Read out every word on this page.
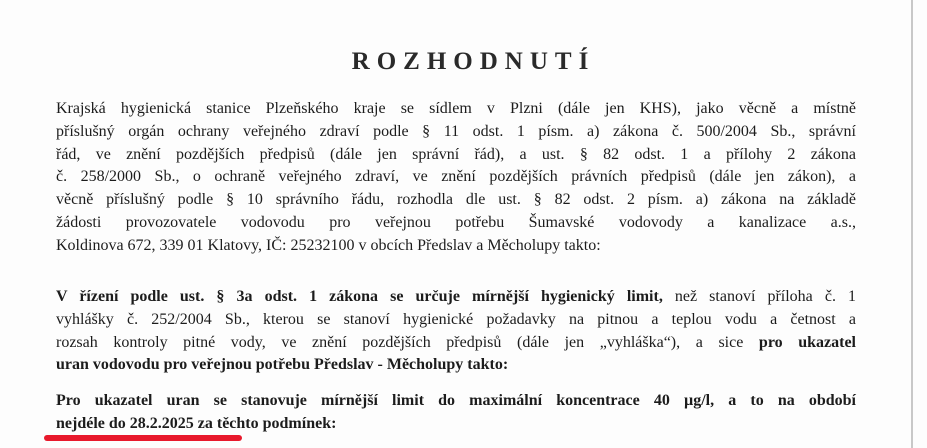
ROZHODNUTÍ
Krajská hygienická stanice Plzeňského kraje se sídlem v Plzni (dále jen KHS), jako věcně a místně
příslušný orgán ochrany veřejného zdraví podle § 11 odst. 1 písm. a) zákona č. 500/2004 Sb., správní
řád, ve znění pozdějších předpisů (dále jen správní řád), a ust. § 82 odst. 1 a přílohy 2 zákona
č. 258/2000 Sb., o ochraně veřejného zdraví, ve znění pozdějších právních předpisů (dále jen zákon), a
věcně příslušný podle § 10 správního řádu, rozhodla dle ust. § 82 odst. 2 písm. a) zákona na základě
žádosti provozovatele vodovodu pro veřejnou potřebu Šumavské vodovody a kanalizace a.s.,
Koldinova 672, 339 01 Klatovy, IČ: 25232100 v obcích Předslav a Měcholupy takto:
V řízení podle ust. § 3a odst. 1 zákona se určuje mírnější hygienický limit, než stanoví příloha č. 1
vyhlášky č. 252/2004 Sb., kterou se stanoví hygienické požadavky na pitnou a teplou vodu a četnost a
rozsah kontroly pitné vody, ve znění pozdějších předpisů (dále jen „vyhláška“), a sice pro ukazatel
uran vodovodu pro veřejnou potřebu Předslav - Měcholupy takto:
Pro ukazatel uran se stanovuje mírnější limit do maximální koncentrace 40 µg/l, a to na období
nejdéle do 28.2.2025 za těchto podmínek:
